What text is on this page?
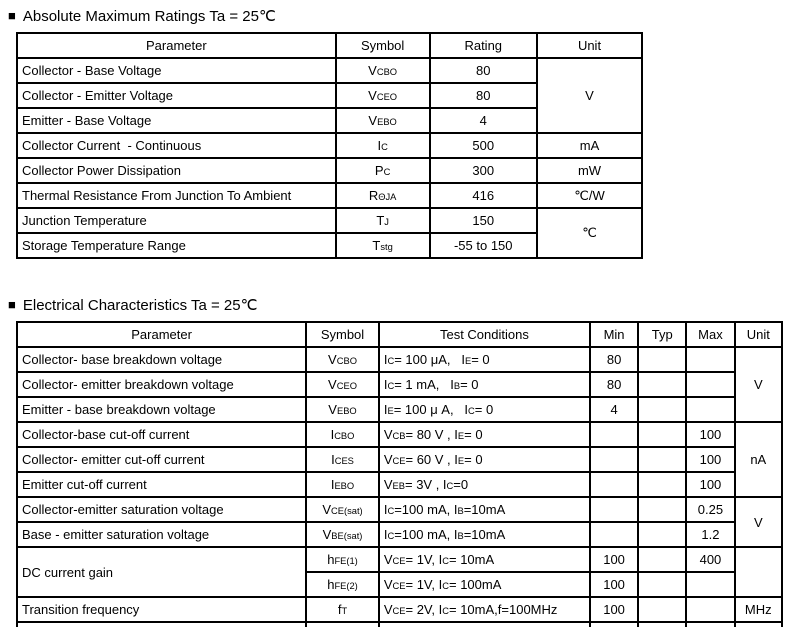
■ Absolute Maximum Ratings Ta = 25℃
Parameter	Symbol	Rating	Unit
Collector - Base Voltage	VCBO	80	V
Collector - Emitter Voltage	VCEO	80	
Emitter - Base Voltage	VEBO	4	
Collector Current  - Continuous	IC	500	mA
Collector Power Dissipation	PC	300	mW
Thermal Resistance From Junction To Ambient	RΘJA	416	℃/W
Junction Temperature	TJ	150	℃
Storage Temperature Range	Tstg	-55 to 150	
■ Electrical Characteristics Ta = 25℃
Parameter	Symbol	Test Conditions	Min	Typ	Max	Unit
Collector- base breakdown voltage	VCBO	IC= 100 μA,   IE= 0	80			V
Collector- emitter breakdown voltage	VCEO	IC= 1 mA,   IB= 0	80			
Emitter - base breakdown voltage	VEBO	IE= 100 μ A,   IC= 0	4			
Collector-base cut-off current	ICBO	VCB= 80 V , IE= 0			100	nA
Collector- emitter cut-off current	ICES	VCE= 60 V , IE= 0			100	
Emitter cut-off current	IEBO	VEB= 3V , IC=0			100	
Collector-emitter saturation voltage	VCE(sat)	IC=100 mA, IB=10mA			0.25	V
Base - emitter saturation voltage	VBE(sat)	IC=100 mA, IB=10mA			1.2	
DC current gain	hFE(1)	VCE= 1V, IC= 10mA	100		400	
	hFE(2)	VCE= 1V, IC= 100mA	100			
Transition frequency	fT	VCE= 2V, IC= 10mA,f=100MHz	100			MHz
